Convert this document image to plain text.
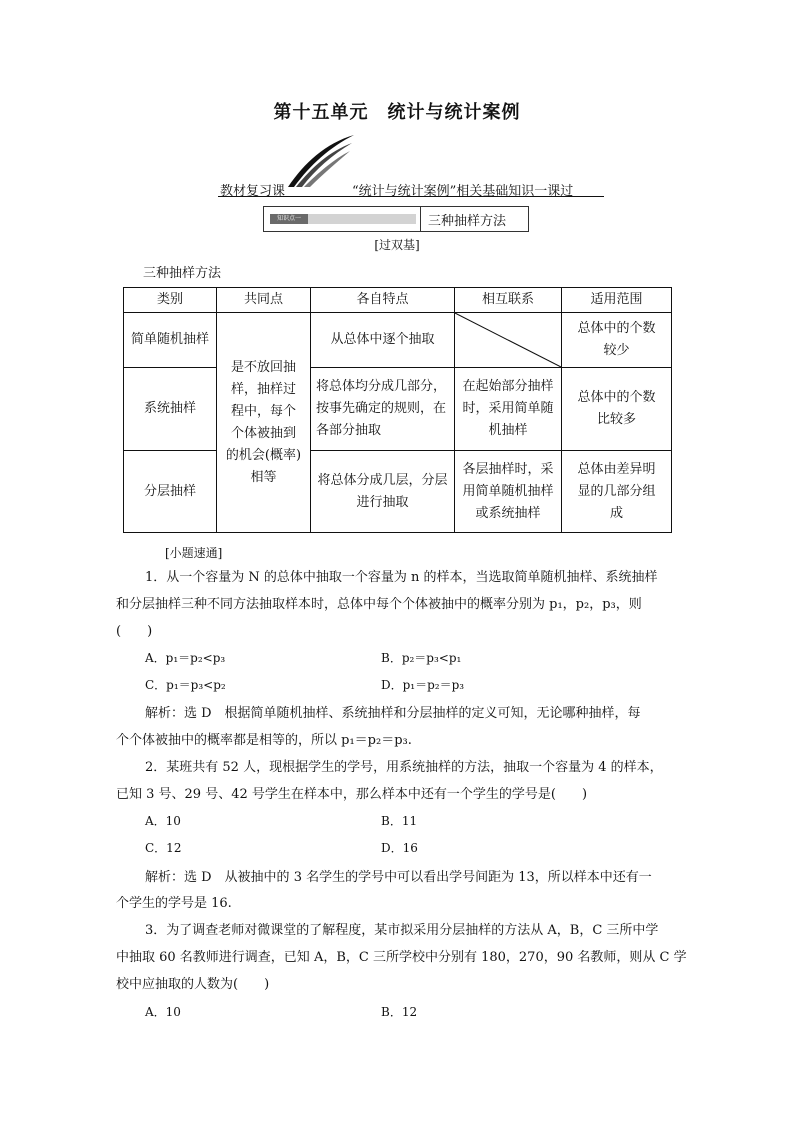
第十五单元　统计与统计案例
教材复习课	“统计与统计案例”相关基础知识一课过
知识点一	三种抽样方法
[过双基]
三种抽样方法
类别	共同点	各自特点	相互联系	适用范围
简单随机抽样	是不放回抽样，抽样过程中，每个个体被抽到的机会(概率)相等	从总体中逐个抽取		总体中的个数较少
系统抽样		将总体均分成几部分，按事先确定的规则，在各部分抽取	在起始部分抽样时，采用简单随机抽样	总体中的个数比较多
分层抽样		将总体分成几层，分层进行抽取	各层抽样时，采用简单随机抽样或系统抽样	总体由差异明显的几部分组成
[小题速通]
1．从一个容量为 N 的总体中抽取一个容量为 n 的样本，当选取简单随机抽样、系统抽样
和分层抽样三种不同方法抽取样本时，总体中每个个体被抽中的概率分别为 p₁，p₂，p₃，则
(　　)
A．p₁＝p₂<p₃	B．p₂＝p₃<p₁
C．p₁＝p₃<p₂	D．p₁＝p₂＝p₃
解析：选 D　根据简单随机抽样、系统抽样和分层抽样的定义可知，无论哪种抽样，每
个个体被抽中的概率都是相等的，所以 p₁＝p₂＝p₃.
2．某班共有 52 人，现根据学生的学号，用系统抽样的方法，抽取一个容量为 4 的样本，
已知 3 号、29 号、42 号学生在样本中，那么样本中还有一个学生的学号是(　　)
A．10	B．11
C．12	D．16
解析：选 D　从被抽中的 3 名学生的学号中可以看出学号间距为 13，所以样本中还有一
个学生的学号是 16.
3．为了调查老师对微课堂的了解程度，某市拟采用分层抽样的方法从 A，B，C 三所中学
中抽取 60 名教师进行调查，已知 A，B，C 三所学校中分别有 180，270，90 名教师，则从 C 学
校中应抽取的人数为(　　)
A．10	B．12
